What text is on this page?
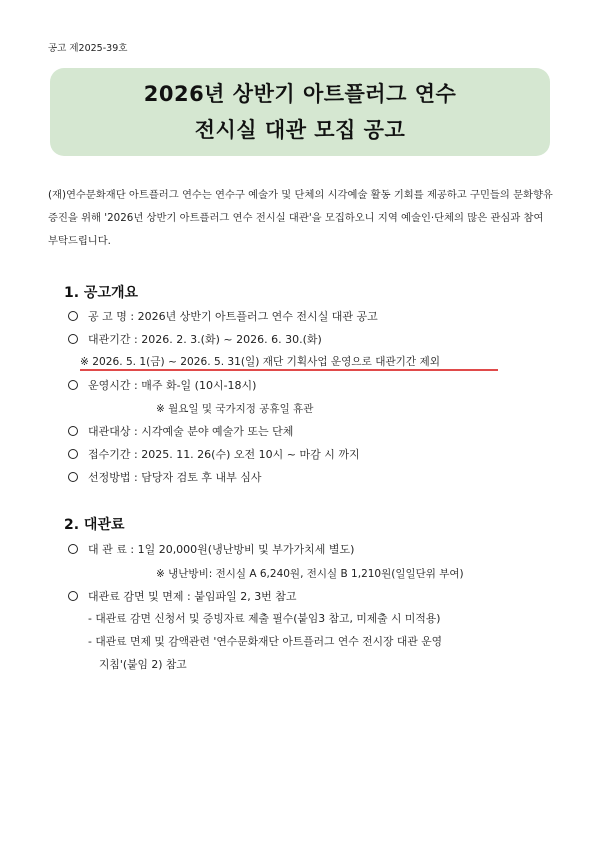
공고 제2025-39호
2026년 상반기 아트플러그 연수
전시실 대관 모집 공고

(재)연수문화재단 아트플러그 연수는 연수구 예술가 및 단체의 시각예술 활동 기회를 제공하고 구민들의 문화향유 증진을 위해 '2026년 상반기 아트플러그 연수 전시실 대관'을 모집하오니 지역 예술인·단체의 많은 관심과 참여 부탁드립니다.

1. 공고개요
공 고 명 : 2026년 상반기 아트플러그 연수 전시실 대관 공고
대관기간 : 2026. 2. 3.(화) ~ 2026. 6. 30.(화)
※ 2026. 5. 1(금) ~ 2026. 5. 31(일) 재단 기획사업 운영으로 대관기간 제외
운영시간 : 매주 화-일 (10시-18시)
※ 월요일 및 국가지정 공휴일 휴관
대관대상 : 시각예술 분야 예술가 또는 단체
접수기간 : 2025. 11. 26(수) 오전 10시 ~ 마감 시 까지
선정방법 : 담당자 검토 후 내부 심사
2. 대관료
대 관 료 : 1일 20,000원(냉난방비 및 부가가치세 별도)
※ 냉난방비: 전시실 A 6,240원, 전시실 B 1,210원(일일단위 부여)
대관료 감면 및 면제 : 붙임파일 2, 3번 참고
- 대관료 감면 신청서 및 증빙자료 제출 필수(붙임3 참고, 미제출 시 미적용)
- 대관료 면제 및 감액관련 '연수문화재단 아트플러그 연수 전시장 대관 운영
지침'(붙임 2) 참고
